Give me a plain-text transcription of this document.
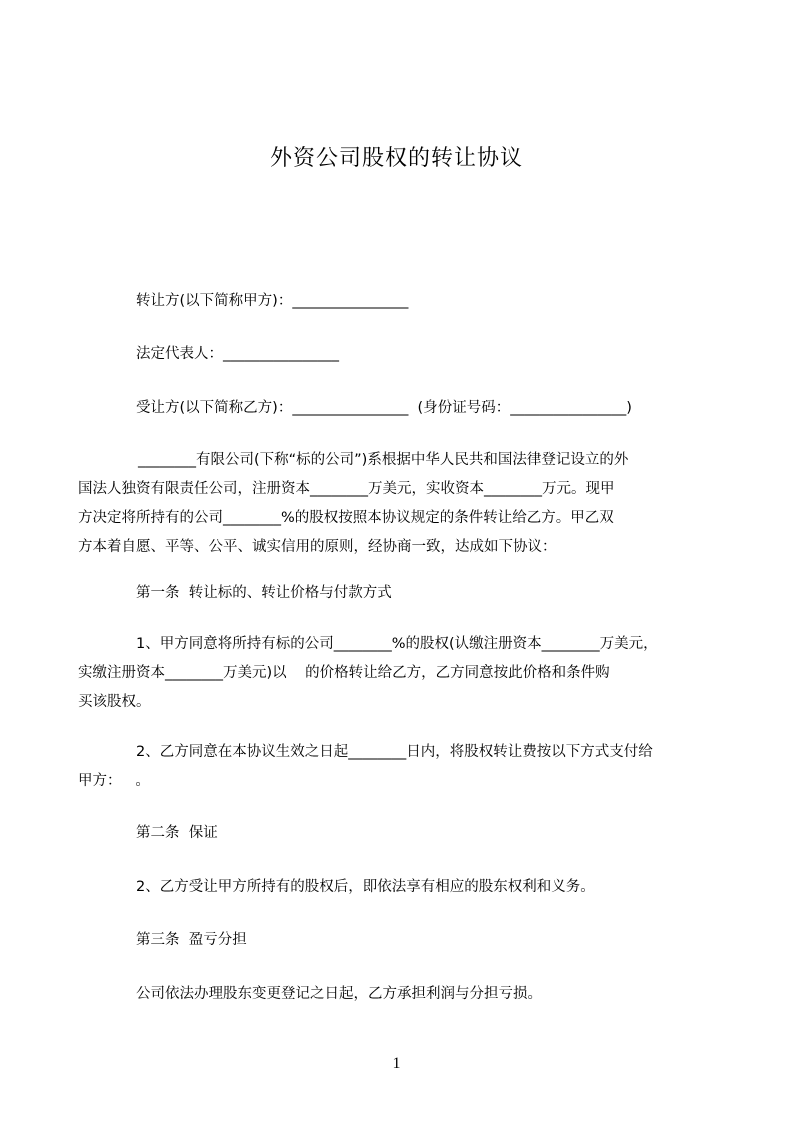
外资公司股权的转让协议
转让方(以下简称甲方)：________________
法定代表人：________________
受让方(以下简称乙方)：________________  (身份证号码：________________)
________有限公司(下称“标的公司”)系根据中华人民共和国法律登记设立的外
国法人独资有限责任公司，注册资本________万美元，实收资本________万元。现甲
方决定将所持有的公司________%的股权按照本协议规定的条件转让给乙方。甲乙双
方本着自愿、平等、公平、诚实信用的原则，经协商一致，达成如下协议：
第一条  转让标的、转让价格与付款方式
1、甲方同意将所持有标的公司________%的股权(认缴注册资本________万美元，
实缴注册资本________万美元)以    的价格转让给乙方，乙方同意按此价格和条件购
买该股权。
2、乙方同意在本协议生效之日起________日内，将股权转让费按以下方式支付给
甲方：   。
第二条  保证
2、乙方受让甲方所持有的股权后，即依法享有相应的股东权利和义务。
第三条  盈亏分担
公司依法办理股东变更登记之日起，乙方承担利润与分担亏损。
1
